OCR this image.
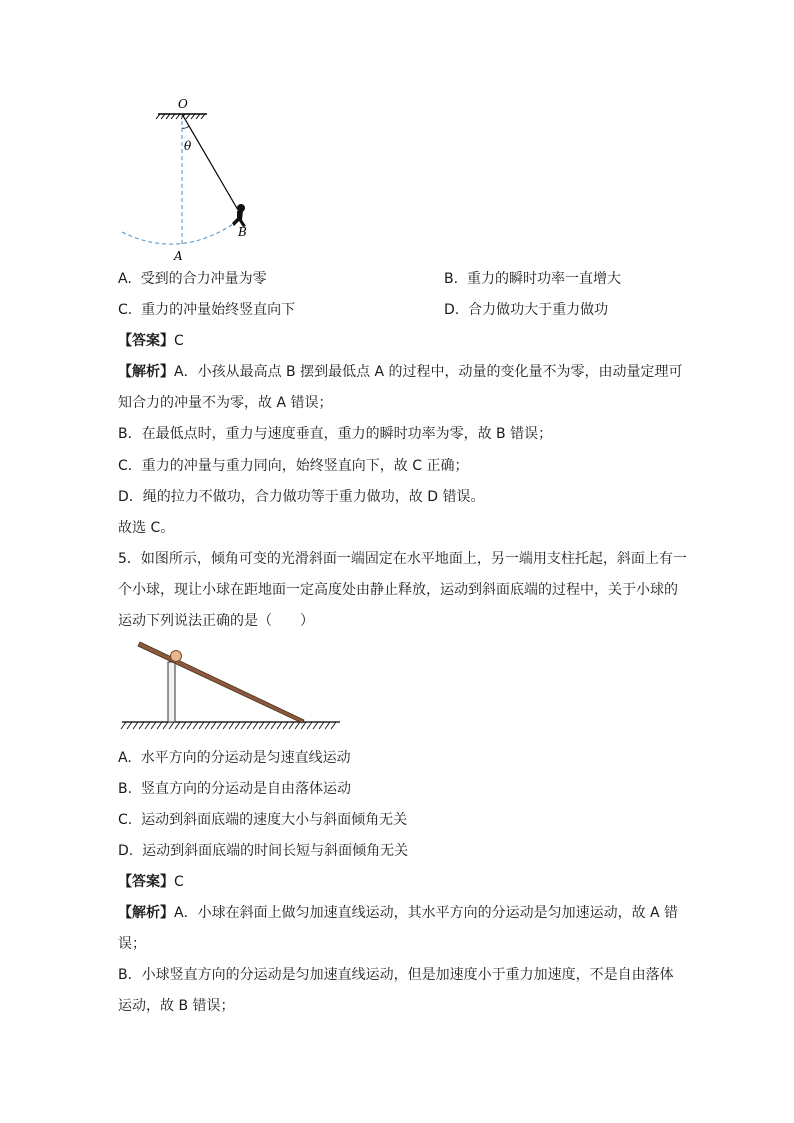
O
θ
A
B
A. 受到的合力冲量为零	B. 重力的瞬时功率一直增大
C. 重力的冲量始终竖直向下	D. 合力做功大于重力做功
【答案】C
【解析】A．小孩从最高点 B 摆到最低点 A 的过程中，动量的变化量不为零，由动量定理可
知合力的冲量不为零，故 A 错误；
B．在最低点时，重力与速度垂直，重力的瞬时功率为零，故 B 错误；
C．重力的冲量与重力同向，始终竖直向下，故 C 正确；
D．绳的拉力不做功，合力做功等于重力做功，故 D 错误。
故选 C。
5．如图所示，倾角可变的光滑斜面一端固定在水平地面上，另一端用支柱托起，斜面上有一
个小球，现让小球在距地面一定高度处由静止释放，运动到斜面底端的过程中，关于小球的
运动下列说法正确的是（　　）
A. 水平方向的分运动是匀速直线运动
B. 竖直方向的分运动是自由落体运动
C. 运动到斜面底端的速度大小与斜面倾角无关
D. 运动到斜面底端的时间长短与斜面倾角无关
【答案】C
【解析】A．小球在斜面上做匀加速直线运动，其水平方向的分运动是匀加速运动，故 A 错
误；
B．小球竖直方向的分运动是匀加速直线运动，但是加速度小于重力加速度，不是自由落体
运动，故 B 错误；
